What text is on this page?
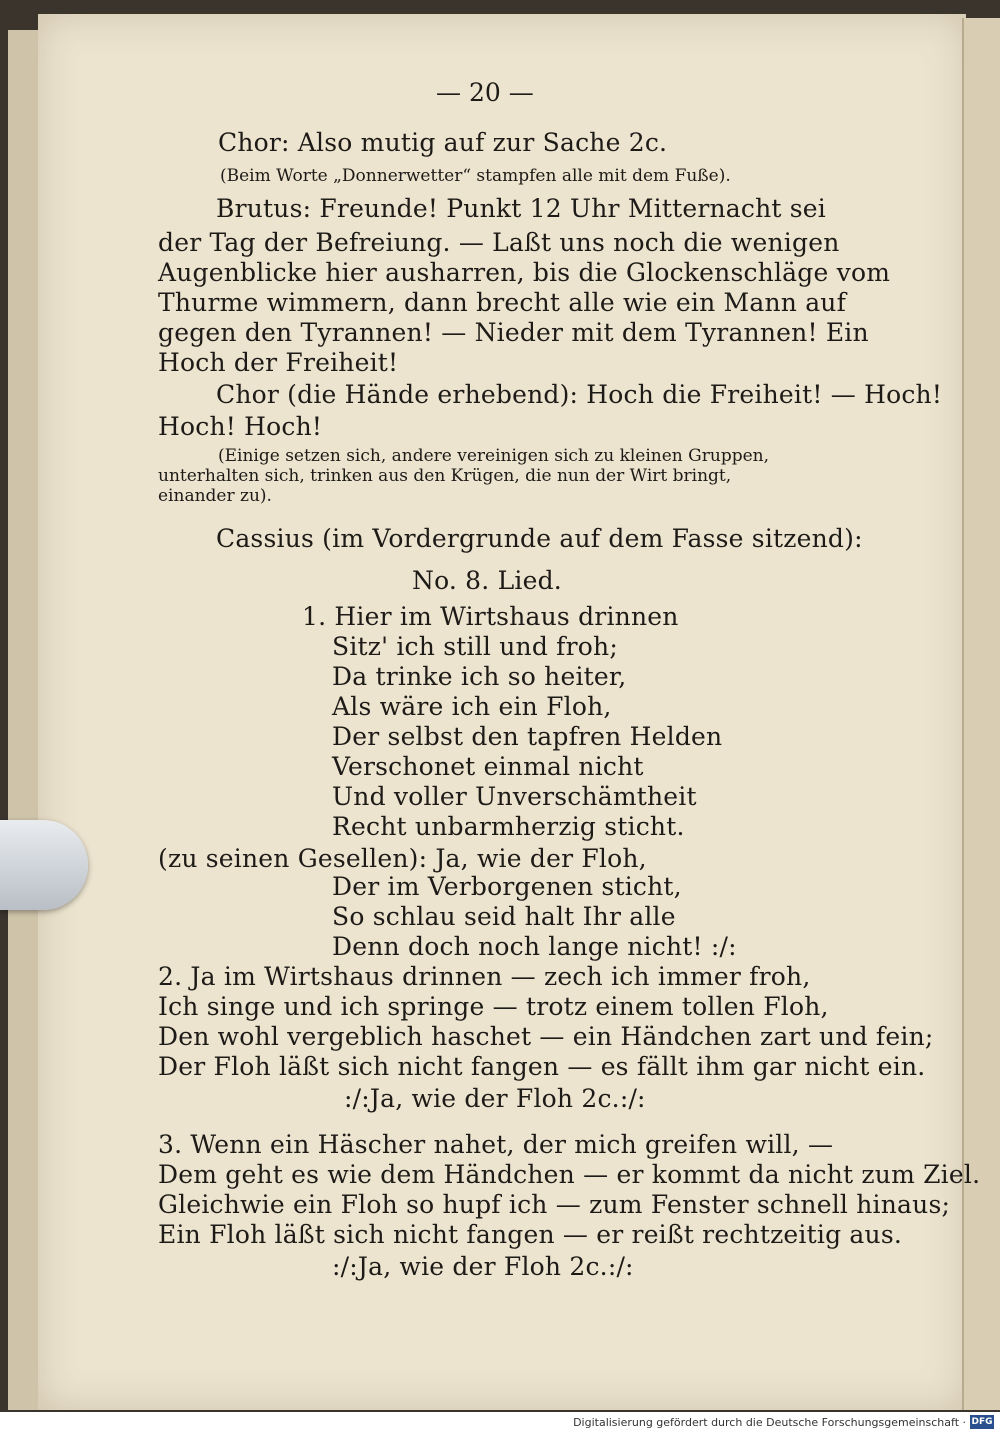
— 20 —
Chor: Also mutig auf zur Sache 2c.
(Beim Worte „Donnerwetter“ stampfen alle mit dem Fuße).
Brutus: Freunde! Punkt 12 Uhr Mitternacht sei
der Tag der Befreiung. — Laßt uns noch die wenigen
Augenblicke hier ausharren, bis die Glockenschläge vom
Thurme wimmern, dann brecht alle wie ein Mann auf
gegen den Tyrannen! — Nieder mit dem Tyrannen! Ein
Hoch der Freiheit!
Chor (die Hände erhebend): Hoch die Freiheit! — Hoch!
Hoch! Hoch!
(Einige setzen sich, andere vereinigen sich zu kleinen Gruppen,
unterhalten sich, trinken aus den Krügen, die nun der Wirt bringt,
einander zu).
Cassius (im Vordergrunde auf dem Fasse sitzend):
No. 8. Lied.
1. Hier im Wirtshaus drinnen
Sitz' ich still und froh;
Da trinke ich so heiter,
Als wäre ich ein Floh,
Der selbst den tapfren Helden
Verschonet einmal nicht
Und voller Unverschämtheit
Recht unbarmherzig sticht.
(zu seinen Gesellen): Ja, wie der Floh,
Der im Verborgenen sticht,
So schlau seid halt Ihr alle
Denn doch noch lange nicht! :/:
2. Ja im Wirtshaus drinnen — zech ich immer froh,
Ich singe und ich springe — trotz einem tollen Floh,
Den wohl vergeblich haschet — ein Händchen zart und fein;
Der Floh läßt sich nicht fangen — es fällt ihm gar nicht ein.
:/:Ja, wie der Floh 2c.:/:
3. Wenn ein Häscher nahet, der mich greifen will, —
Dem geht es wie dem Händchen — er kommt da nicht zum Ziel.
Gleichwie ein Floh so hupf ich — zum Fenster schnell hinaus;
Ein Floh läßt sich nicht fangen — er reißt rechtzeitig aus.
:/:Ja, wie der Floh 2c.:/:
Digitalisierung gefördert durch die Deutsche Forschungsgemeinschaft · DFG
